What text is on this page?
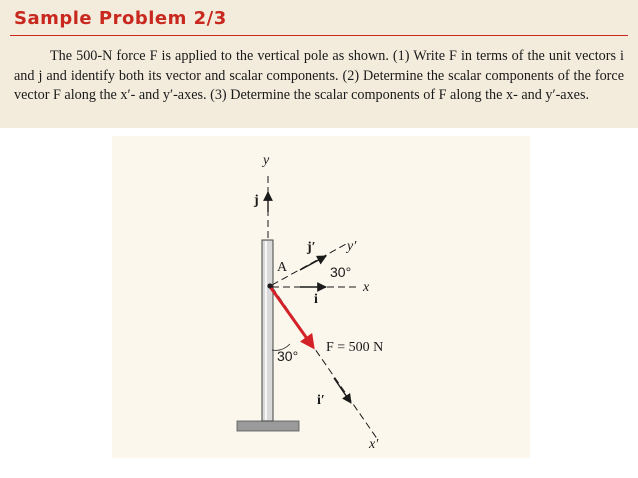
Sample Problem 2/3

The 500-N force F is applied to the vertical pole as shown. (1) Write F in terms of the unit vectors i and j and identify both its vector and scalar components. (2) Determine the scalar components of the force vector F along the x′- and y′-axes. (3) Determine the scalar components of F along the x- and y′-axes.

y
j
A
x
i
j′ y′
30°
i′
x′
F = 500 N
30°
